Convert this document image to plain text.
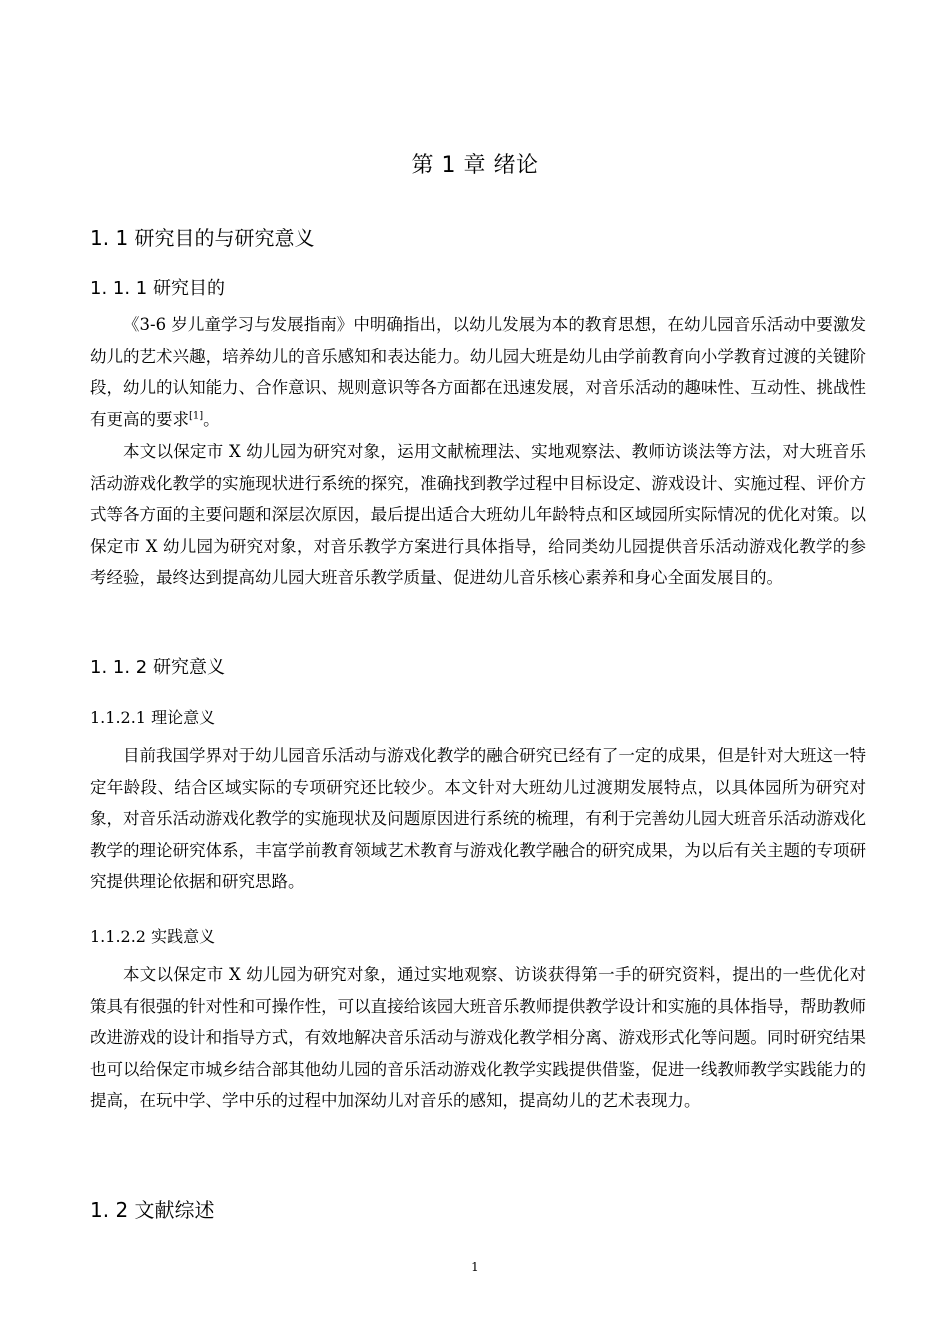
第 1 章 绪论
1. 1 研究目的与研究意义
1. 1. 1 研究目的

《3-6 岁儿童学习与发展指南》中明确指出，以幼儿发展为本的教育思想，在幼儿园音乐活动中要激发幼儿的艺术兴趣，培养幼儿的音乐感知和表达能力。幼儿园大班是幼儿由学前教育向小学教育过渡的关键阶段，幼儿的认知能力、合作意识、规则意识等各方面都在迅速发展，对音乐活动的趣味性、互动性、挑战性有更高的要求[1]。

本文以保定市 X 幼儿园为研究对象，运用文献梳理法、实地观察法、教师访谈法等方法，对大班音乐活动游戏化教学的实施现状进行系统的探究，准确找到教学过程中目标设定、游戏设计、实施过程、评价方式等各方面的主要问题和深层次原因，最后提出适合大班幼儿年龄特点和区域园所实际情况的优化对策。以保定市 X 幼儿园为研究对象，对音乐教学方案进行具体指导，给同类幼儿园提供音乐活动游戏化教学的参考经验，最终达到提高幼儿园大班音乐教学质量、促进幼儿音乐核心素养和身心全面发展目的。

1. 1. 2 研究意义
1.1.2.1 理论意义

目前我国学界对于幼儿园音乐活动与游戏化教学的融合研究已经有了一定的成果，但是针对大班这一特定年龄段、结合区域实际的专项研究还比较少。本文针对大班幼儿过渡期发展特点，以具体园所为研究对象，对音乐活动游戏化教学的实施现状及问题原因进行系统的梳理，有利于完善幼儿园大班音乐活动游戏化教学的理论研究体系，丰富学前教育领域艺术教育与游戏化教学融合的研究成果，为以后有关主题的专项研究提供理论依据和研究思路。

1.1.2.2 实践意义

本文以保定市 X 幼儿园为研究对象，通过实地观察、访谈获得第一手的研究资料，提出的一些优化对策具有很强的针对性和可操作性，可以直接给该园大班音乐教师提供教学设计和实施的具体指导，帮助教师改进游戏的设计和指导方式，有效地解决音乐活动与游戏化教学相分离、游戏形式化等问题。同时研究结果也可以给保定市城乡结合部其他幼儿园的音乐活动游戏化教学实践提供借鉴，促进一线教师教学实践能力的提高，在玩中学、学中乐的过程中加深幼儿对音乐的感知，提高幼儿的艺术表现力。

1. 2 文献综述
1
